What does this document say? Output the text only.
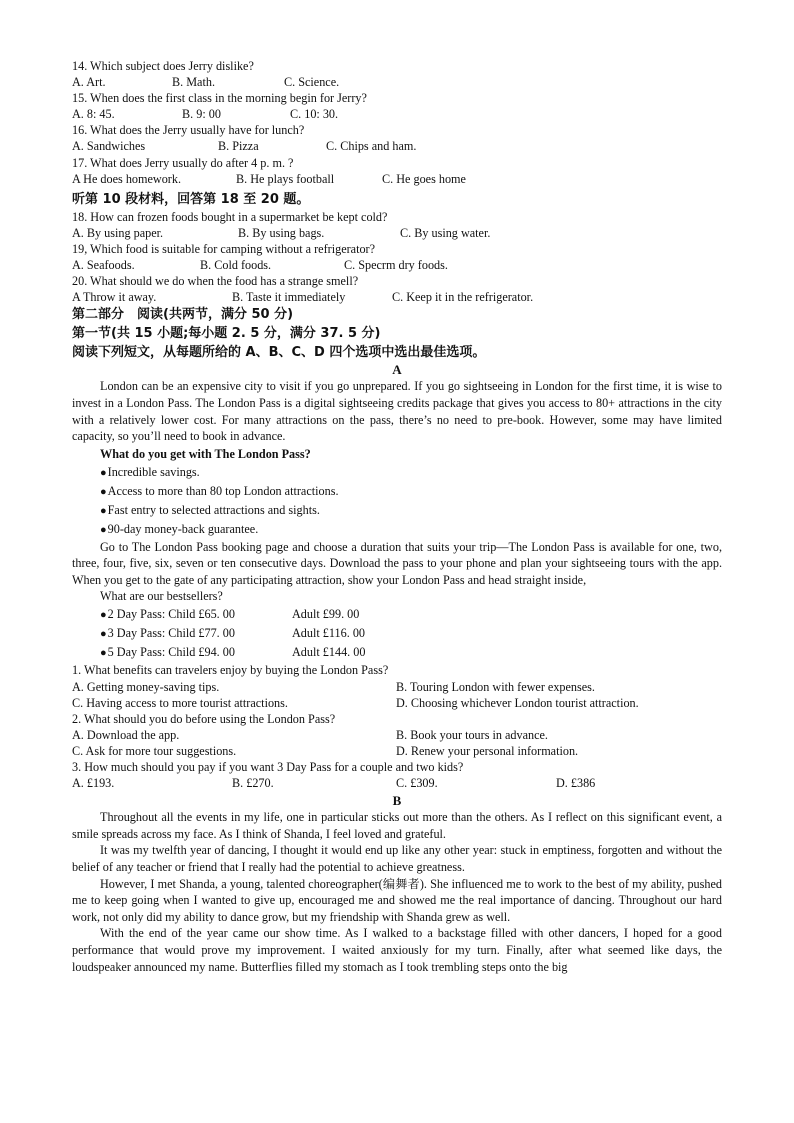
14. Which subject does Jerry dislike?
A. Art.	B. Math.	C. Science.
15. When does the first class in the morning begin for Jerry?
A. 8: 45.	B. 9: 00	C. 10: 30.
16. What does the Jerry usually have for lunch?
A. Sandwiches	B. Pizza	C. Chips and ham.
17. What does Jerry usually do after 4 p. m. ?
A He does homework.	B. He plays football	C. He goes home
听第 10 段材料，回答第 18 至 20 题。
18. How can frozen foods bought in a supermarket be kept cold?
A. By using paper.	B. By using bags.	C. By using water.
19, Which food is suitable for camping without a refrigerator?
A. Seafoods.	B. Cold foods.	C. Specrm dry foods.
20. What should we do when the food has a strange smell?
A Throw it away.	B. Taste it immediately	C. Keep it in the refrigerator.
第二部分　阅读(共两节，满分 50 分)
第一节(共 15 小题;每小题 2. 5 分，满分 37. 5 分)
阅读下列短文，从每题所给的 A、B、C、D 四个选项中选出最佳选项。
A
London can be an expensive city to visit if you go unprepared. If you go sightseeing in London for the first time, it is wise to invest in a London Pass. The London Pass is a digital sightseeing credits package that gives you access to 80+ attractions in the city with a relatively lower cost. For many attractions on the pass, there’s no need to pre-book. However, some may have limited capacity, so you’ll need to book in advance.
What do you get with The London Pass?
● Incredible savings.
● Access to more than 80 top London attractions.
● Fast entry to selected attractions and sights.
● 90-day money-back guarantee.
Go to The London Pass booking page and choose a duration that suits your trip—The London Pass is available for one, two, three, four, five, six, seven or ten consecutive days. Download the pass to your phone and plan your sightseeing tours with the app. When you get to the gate of any participating attraction, show your London Pass and head straight inside,
What are our bestsellers?
● 2 Day Pass: Child £65. 00	Adult £99. 00
● 3 Day Pass: Child £77. 00	Adult £116. 00
● 5 Day Pass: Child £94. 00	Adult £144. 00
1. What benefits can travelers enjoy by buying the London Pass?
A. Getting money-saving tips.	B. Touring London with fewer expenses.
C. Having access to more tourist attractions.	D. Choosing whichever London tourist attraction.
2. What should you do before using the London Pass?
A. Download the app.	B. Book your tours in advance.
C. Ask for more tour suggestions.	D. Renew your personal information.
3. How much should you pay if you want 3 Day Pass for a couple and two kids?
A. £193.	B. £270.	C. £309.	D. £386
B
Throughout all the events in my life, one in particular sticks out more than the others. As I reflect on this significant event, a smile spreads across my face. As I think of Shanda, I feel loved and grateful.
It was my twelfth year of dancing, I thought it would end up like any other year: stuck in emptiness, forgotten and without the belief of any teacher or friend that I really had the potential to achieve greatness.
However, I met Shanda, a young, talented choreographer(编舞者). She influenced me to work to the best of my ability, pushed me to keep going when I wanted to give up, encouraged me and showed me the real importance of dancing. Throughout our hard work, not only did my ability to dance grow, but my friendship with Shanda grew as well.
With the end of the year came our show time. As I walked to a backstage filled with other dancers, I hoped for a good performance that would prove my improvement. I waited anxiously for my turn. Finally, after what seemed like days, the loudspeaker announced my name. Butterflies filled my stomach as I took trembling steps onto the big
